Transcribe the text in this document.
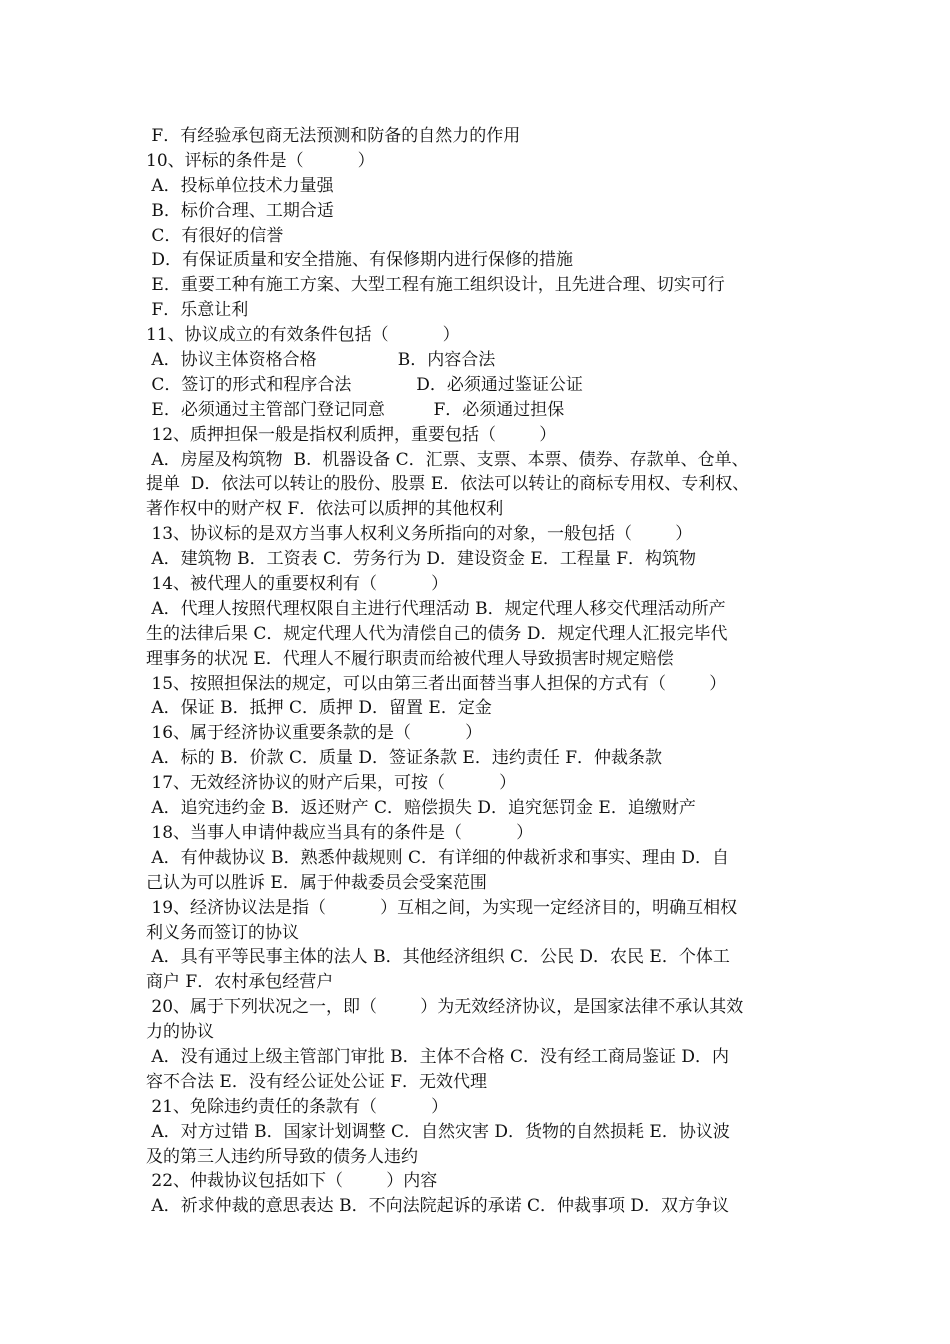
F．有经验承包商无法预测和防备的自然力的作用
10、评标的条件是（          ）
A．投标单位技术力量强
B．标价合理、工期合适
C．有很好的信誉
D．有保证质量和安全措施、有保修期内进行保修的措施
E．重要工种有施工方案、大型工程有施工组织设计，且先进合理、切实可行
F．乐意让利
11、协议成立的有效条件包括（          ）
A．协议主体资格合格               B．内容合法
C．签订的形式和程序合法            D．必须通过鉴证公证
E．必须通过主管部门登记同意         F．必须通过担保
12、质押担保一般是指权利质押，重要包括（        ）
A．房屋及构筑物  B.  机器设备 C．汇票、支票、本票、债券、存款单、仓单、
提单  D．依法可以转让的股份、股票 E．依法可以转让的商标专用权、专利权、
著作权中的财产权 F．依法可以质押的其他权利
13、协议标的是双方当事人权利义务所指向的对象，一般包括（        ）
A．建筑物 B．工资表 C．劳务行为 D．建设资金 E．工程量 F．构筑物
14、被代理人的重要权利有（          ）
A．代理人按照代理权限自主进行代理活动 B．规定代理人移交代理活动所产
生的法律后果 C．规定代理人代为清偿自己的债务 D．规定代理人汇报完毕代
理事务的状况 E．代理人不履行职责而给被代理人导致损害时规定赔偿
15、按照担保法的规定，可以由第三者出面替当事人担保的方式有（        ）
A．保证 B．抵押 C．质押 D．留置 E．定金
16、属于经济协议重要条款的是（          ）
A．标的 B．价款 C．质量 D．签证条款 E．违约责任 F．仲裁条款
17、无效经济协议的财产后果，可按（          ）
A．追究违约金 B．返还财产 C．赔偿损失 D．追究惩罚金 E．追缴财产
18、当事人申请仲裁应当具有的条件是（          ）
A．有仲裁协议 B．熟悉仲裁规则 C．有详细的仲裁祈求和事实、理由 D．自
己认为可以胜诉 E．属于仲裁委员会受案范围
19、经济协议法是指（          ）互相之间，为实现一定经济目的，明确互相权
利义务而签订的协议
A．具有平等民事主体的法人 B．其他经济组织 C．公民 D．农民 E．个体工
商户 F．农村承包经营户
20、属于下列状况之一，即（        ）为无效经济协议，是国家法律不承认其效
力的协议
A．没有通过上级主管部门审批 B．主体不合格 C．没有经工商局鉴证 D．内
容不合法 E．没有经公证处公证 F．无效代理
21、免除违约责任的条款有（          ）
A．对方过错 B．国家计划调整 C．自然灾害 D．货物的自然损耗 E．协议波
及的第三人违约所导致的债务人违约
22、仲裁协议包括如下（        ）内容
A．祈求仲裁的意思表达 B．不向法院起诉的承诺 C．仲裁事项 D．双方争议
